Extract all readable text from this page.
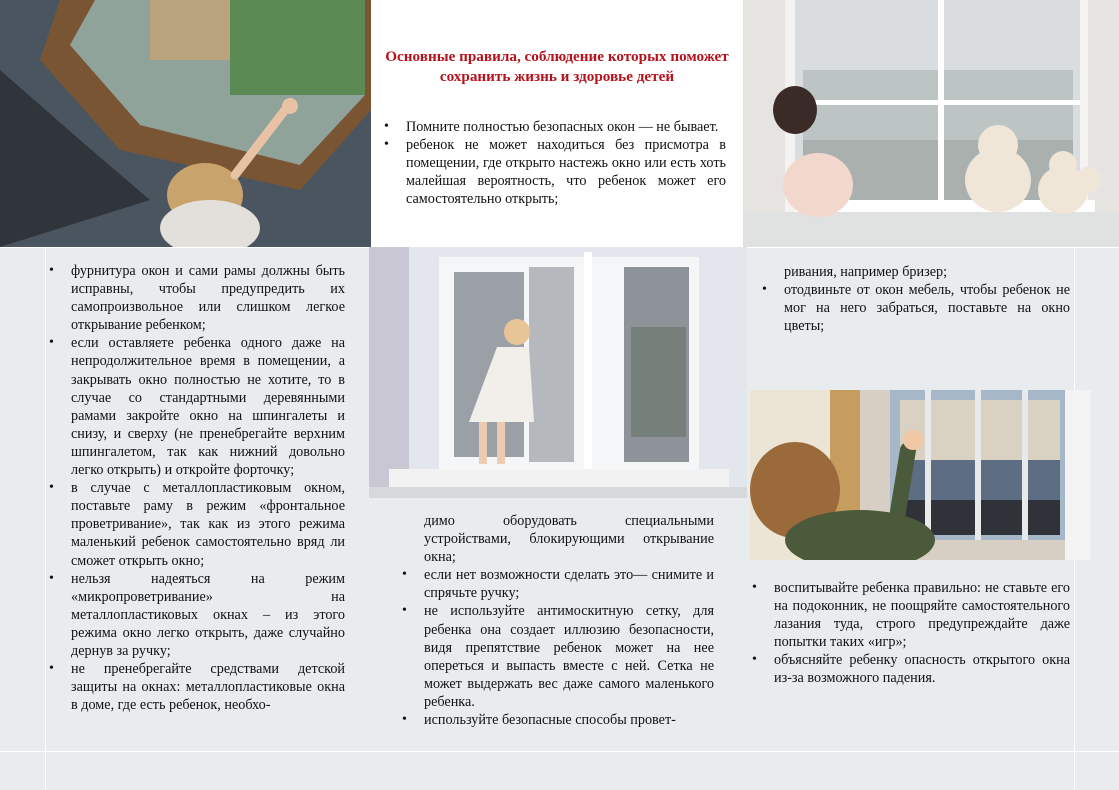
Основные правила, соблюдение которых поможет сохранить жизнь и здоровье детей

• Помните полностью безопасных окон — не бывает.
• ребенок не может находиться без присмотра в помещении, где открыто настежь окно или есть хоть малейшая вероятность, что ребенок может его самостоятельно открыть;
• фурнитура окон и сами рамы должны быть исправны, чтобы предупредить их самопроизвольное или слишком легкое открывание ребенком;
• если оставляете ребенка одного даже на непродолжительное время в помещении, а закрывать окно полностью не хотите, то в случае со стандартными деревянными рамами закройте окно на шпингалеты и снизу, и сверху (не пренебрегайте верхним шпингалетом, так как нижний довольно легко открыть) и откройте форточку;
• в случае с металлопластиковым окном, поставьте раму в режим «фронтальное проветривание», так как из этого режима маленький ребенок самостоятельно вряд ли сможет открыть окно;
• нельзя надеяться на режим «микропроветривание» на металлопластиковых окнах – из этого режима окно легко открыть, даже случайно дернув за ручку;
• не пренебрегайте средствами детской защиты на окнах: металлопластиковые окна в доме, где есть ребенок, необхо-

димо оборудовать специальными устройствами, блокирующими открывание окна;

• если нет возможности сделать это— снимите и спрячьте ручку;
• не используйте антимоскитную сетку, для ребенка она создает иллюзию безопасности, видя препятствие ребенок может на нее опереться и выпасть вместе с ней. Сетка не может выдержать вес даже самого маленького ребенка.
• используйте безопасные способы провет-

ривания, например бризер;

• отодвиньте от окон мебель, чтобы ребенок не мог на него забраться, поставьте на окно цветы;
• воспитывайте ребенка правильно: не ставьте его на подоконник, не поощряйте самостоятельного лазания туда, строго предупреждайте даже попытки таких «игр»;
• объясняйте ребенку опасность открытого окна из-за возможного падения.
